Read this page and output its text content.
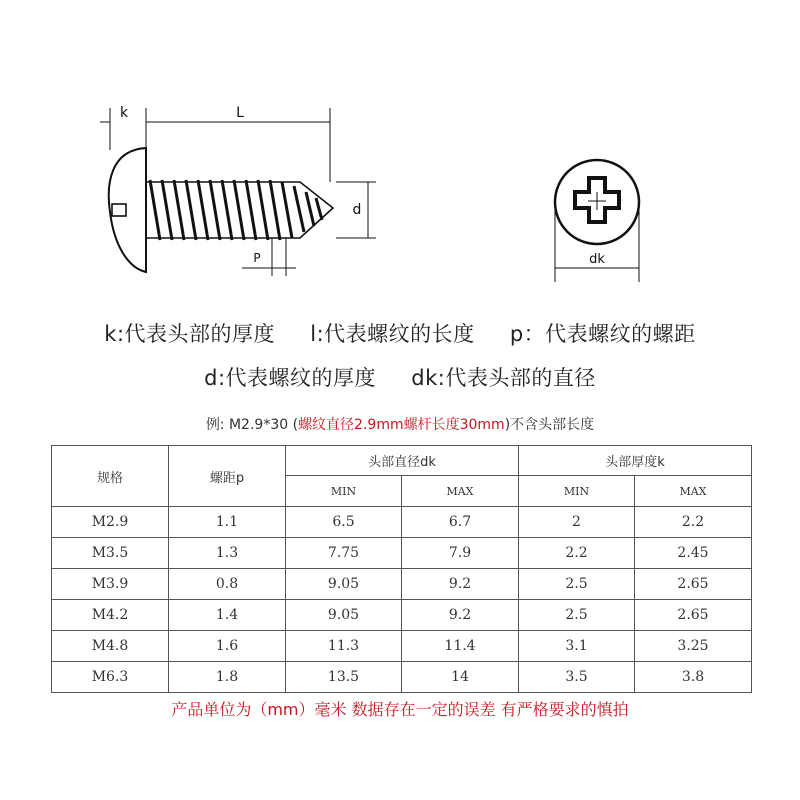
k	L
d
P	dk
k:代表头部的厚度 l:代表螺纹的长度 p：代表螺纹的螺距
d:代表螺纹的厚度 dk:代表头部的直径
例: M2.9*30 (螺纹直径2.9mm螺杆长度30mm)不含头部长度
规格	螺距p	头部直径dk		头部厚度k	
		MIN	MAX	MIN	MAX
M2.9	1.1	6.5	6.7	2	2.2
M3.5	1.3	7.75	7.9	2.2	2.45
M3.9	0.8	9.05	9.2	2.5	2.65
M4.2	1.4	9.05	9.2	2.5	2.65
M4.8	1.6	11.3	11.4	3.1	3.25
M6.3	1.8	13.5	14	3.5	3.8
产品单位为（mm）毫米 数据存在一定的误差 有严格要求的慎拍
